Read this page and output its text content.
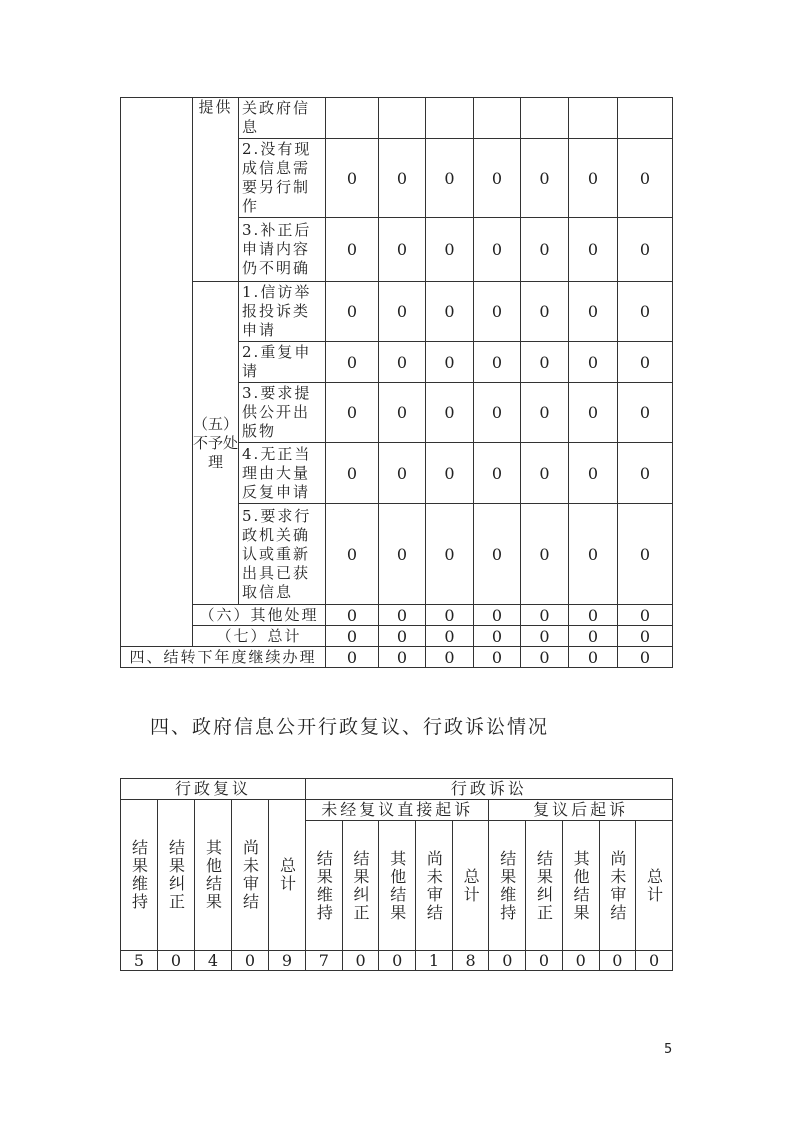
	提供	关政府信息							
		2.没有现成信息需要另行制作	0	0	0	0	0	0	0
		3.补正后申请内容仍不明确	0	0	0	0	0	0	0
	（五）不予处理	1.信访举报投诉类申请	0	0	0	0	0	0	0
		2.重复申请	0	0	0	0	0	0	0
		3.要求提供公开出版物	0	0	0	0	0	0	0
		4.无正当理由大量反复申请	0	0	0	0	0	0	0
		5.要求行政机关确认或重新出具已获取信息	0	0	0	0	0	0	0
	（六）其他处理		0	0	0	0	0	0	0
	（七）总计		0	0	0	0	0	0	0
四、结转下年度继续办理			0	0	0	0	0	0	0
四、政府信息公开行政复议、行政诉讼情况
行政复议					行政诉讼									
结果维持	结果纠正	其他结果	尚未审结	总计	未经复议直接起诉					复议后起诉				
					结果维持	结果纠正	其他结果	尚未审结	总计	结果维持	结果纠正	其他结果	尚未审结	总计
5	0	4	0	9	7	0	0	1	8	0	0	0	0	0
5
